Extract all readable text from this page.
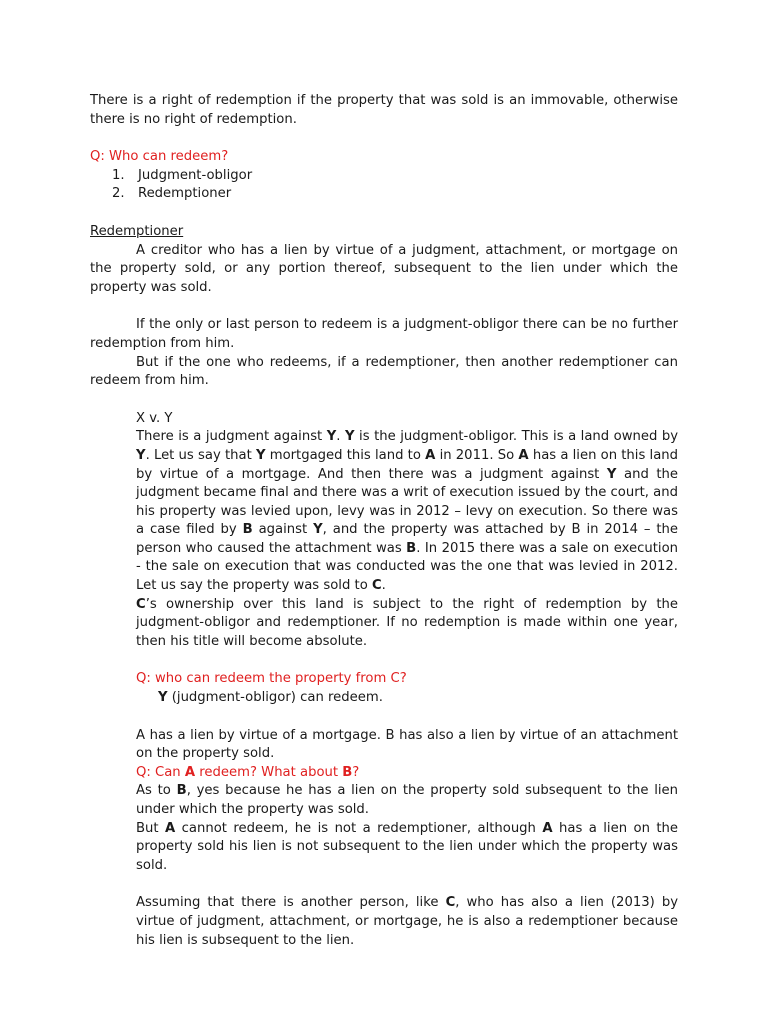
There is a right of redemption if the property that was sold is an immovable, otherwise there is no right of redemption.

Q: Who can redeem?

1. Judgment-obligor
2. Redemptioner

Redemptioner

A creditor who has a lien by virtue of a judgment, attachment, or mortgage on the property sold, or any portion thereof, subsequent to the lien under which the property was sold.

If the only or last person to redeem is a judgment-obligor there can be no further redemption from him.

But if the one who redeems, if a redemptioner, then another redemptioner can redeem from him.

X v. Y

There is a judgment against Y. Y is the judgment-obligor. This is a land owned by Y. Let us say that Y mortgaged this land to A in 2011. So A has a lien on this land by virtue of a mortgage. And then there was a judgment against Y and the judgment became final and there was a writ of execution issued by the court, and his property was levied upon, levy was in 2012 – levy on execution. So there was a case filed by B against Y, and the property was attached by B in 2014 – the person who caused the attachment was B. In 2015 there was a sale on execution - the sale on execution that was conducted was the one that was levied in 2012. Let us say the property was sold to C.

C’s ownership over this land is subject to the right of redemption by the judgment-obligor and redemptioner. If no redemption is made within one year, then his title will become absolute.

Q: who can redeem the property from C?

Y (judgment-obligor) can redeem.

A has a lien by virtue of a mortgage. B has also a lien by virtue of an attachment on the property sold.

Q: Can A redeem? What about B?

As to B, yes because he has a lien on the property sold subsequent to the lien under which the property was sold.

But A cannot redeem, he is not a redemptioner, although A has a lien on the property sold his lien is not subsequent to the lien under which the property was sold.

Assuming that there is another person, like C, who has also a lien (2013) by virtue of judgment, attachment, or mortgage, he is also a redemptioner because his lien is subsequent to the lien.
